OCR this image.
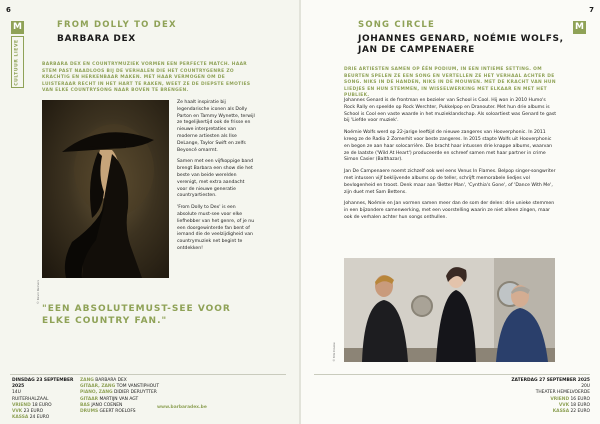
6
M
CULTUUR LIEVE
FROM DOLLY TO DEX
BARBARA DEX
BARBARA DEX EN COUNTRYMUZIEK VORMEN EEN PERFECTE MATCH. HAAR STEM PAST NAADLOOS BIJ DE VERHALEN DIE HET COUNTRYGENRE ZO KRACHTIG EN HERKENBAAR MAKEN. MET HAAR VERMOGEN OM DE LUISTERAAR RECHT IN HET HART TE RAKEN, WEET ZE DE DIEPSTE EMOTIES VAN ELKE COUNTRYSONG NAAR BOVEN TE BRENGEN.
© Kevin Reiners

Ze haalt inspiratie bij legendarische iconen als Dolly Parton en Tammy Wynette, terwijl ze tegelijkertijd ook de frisse en nieuwe interpretaties van moderne artiesten als Ilse DeLange, Taylor Swift en zelfs Beyoncé omarmt.

Samen met een vijfkoppige band brengt Barbara een show die het beste van beide werelden verenigt, met extra aandacht voor de nieuwe generatie countryartiesten.

'From Dolly to Dex' is een absolute must-see voor elke liefhebber van het genre, of je nu een doorgewinterde fan bent of iemand die de veelzijdigheid van countrymuziek net begint te ontdekken!

"EEN ABSOLUTEMUST-SEE VOOR ELKE COUNTRY FAN."
DINSDAG 23 SEPTEMBER 2025
14U
RUITERHALZAAL
VRIEND 18 EURO
VVK 23 EURO
KASSA 24 EURO
ZANG BARBARA DEX
GITAAR, ZANG TOM VANSTIPHOUT
PIANO, ZANG DIDIER DERUYTTER
GITAAR MARTIJN VAN AGT
BAS JANO COENEN
DRUMS GEERT ROELOFS
www.barbaradex.be
7
M
SONG CIRCLE
JOHANNES GENARD, NOÉMIE WOLFS,
JAN DE CAMPENAERE
DRIE ARTIESTEN SAMEN OP ÉÉN PODIUM, IN EEN INTIEME SETTING. OM BEURTEN SPELEN ZE EEN SONG EN VERTELLEN ZE HET VERHAAL ACHTER DE SONG. NIKS IN DE HANDEN, NIKS IN DE MOUWEN. MET DE KRACHT VAN HUN LIEDJES EN HUN STEMMEN, IN WISSELWERKING MET ELKAAR EN MET HET PUBLIEK.

Johannes Genard is de frontman en bezieler van School is Cool. Hij won in 2010 Humo's Rock Rally en speelde op Rock Werchter, Pukkelpop en Dranouter. Met hun drie albums is School is Cool een vaste waarde in het muzieklandschap. Als soloartiest was Genard te gast bij 'Liefde voor muziek'.

Noémie Wolfs werd op 22-jarige leeftijd de nieuwe zangeres van Hooverphonic. In 2011 kreeg ze de Radio 2 Zomerhit voor beste zangeres. In 2015 stapte Wolfs uit Hooverphonic en begon ze aan haar solocarrière. Die bracht haar intussen drie knappe albums, waarvan ze de laatste ('Wild At Heart') produceerde en schreef samen met haar partner in crime Simon Casier (Balthazar).

Jan De Campenaere noemt zichzelf ook wel eens Venus In Flames. Belpop singer-songwriter met intussen vijf beklijvende albums op de teller, schrijft memorabele liedjes vol bevlogenheid en troost. Denk maar aan 'Better Man', 'Cynthia's Gone', of 'Dance With Me', zijn duet met Sam Bettens.

Johannes, Noémie en Jan vormen samen meer dan de som der delen: drie unieke stemmen in een bijzondere samenwerking, met een voorstelling waarin ze niet alleen zingen, maar ook de verhalen achter hun songs onthullen.

© Mik Doeke
ZATERDAG 27 SEPTEMBER 2025
20U
THEATER HEMELVOERDE
VRIEND 16 EURO
VVK 18 EURO
KASSA 22 EURO
